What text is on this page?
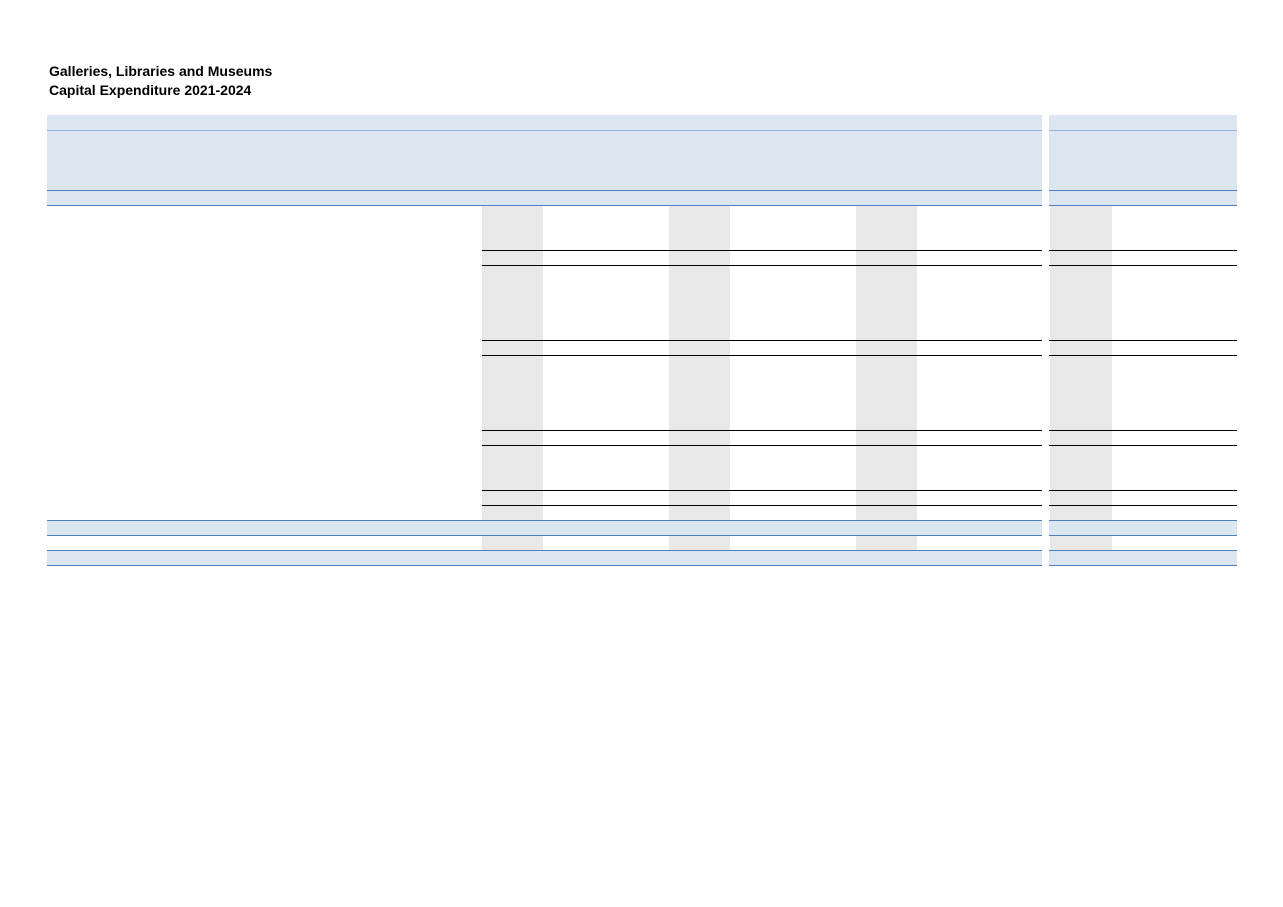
Galleries, Libraries and Museums
Capital Expenditure 2021-2024
